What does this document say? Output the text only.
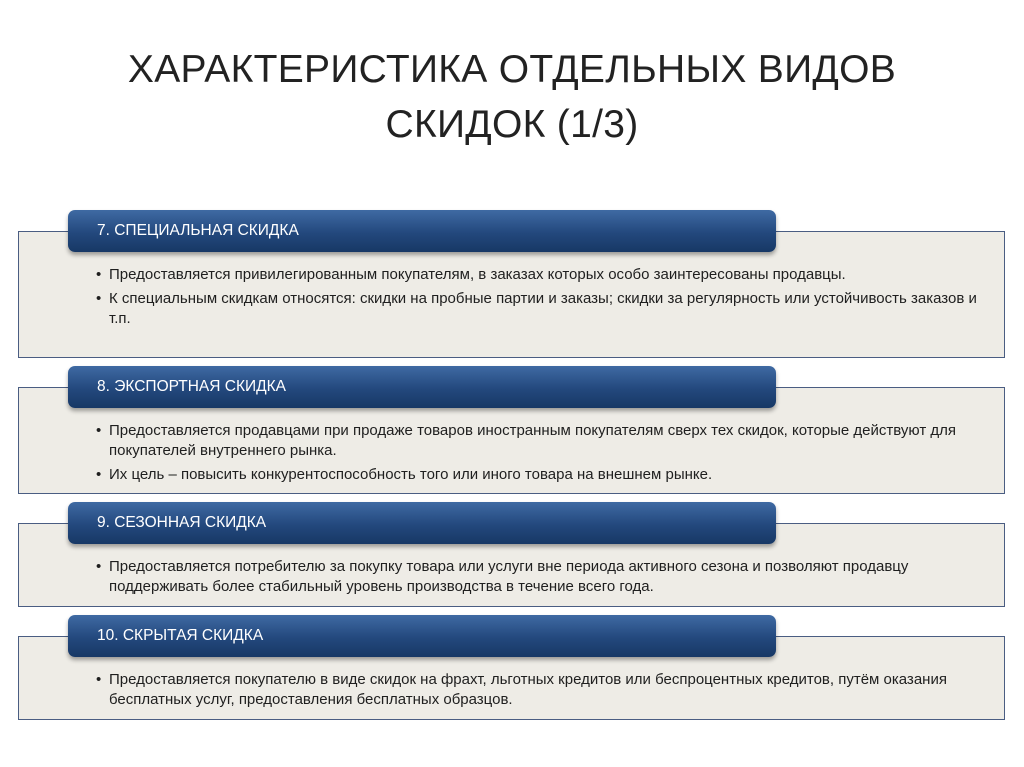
ХАРАКТЕРИСТИКА ОТДЕЛЬНЫХ ВИДОВ
СКИДОК (1/3)
7. СПЕЦИАЛЬНАЯ СКИДКА
• Предоставляется привилегированным покупателям, в заказах которых особо заинтересованы продавцы.
• К специальным скидкам относятся: скидки на пробные партии и заказы; скидки за регулярность или устойчивость заказов и т.п.
8. ЭКСПОРТНАЯ СКИДКА
• Предоставляется продавцами при продаже товаров иностранным покупателям сверх тех скидок, которые действуют для покупателей внутреннего рынка.
• Их цель – повысить конкурентоспособность того или иного товара на внешнем рынке.
9. СЕЗОННАЯ СКИДКА
• Предоставляется потребителю за покупку товара или услуги вне периода активного сезона и позволяют продавцу поддерживать более стабильный уровень производства в течение всего года.
10. СКРЫТАЯ СКИДКА
• Предоставляется покупателю в виде скидок на фрахт, льготных кредитов или беспроцентных кредитов, путём оказания бесплатных услуг, предоставления бесплатных образцов.
